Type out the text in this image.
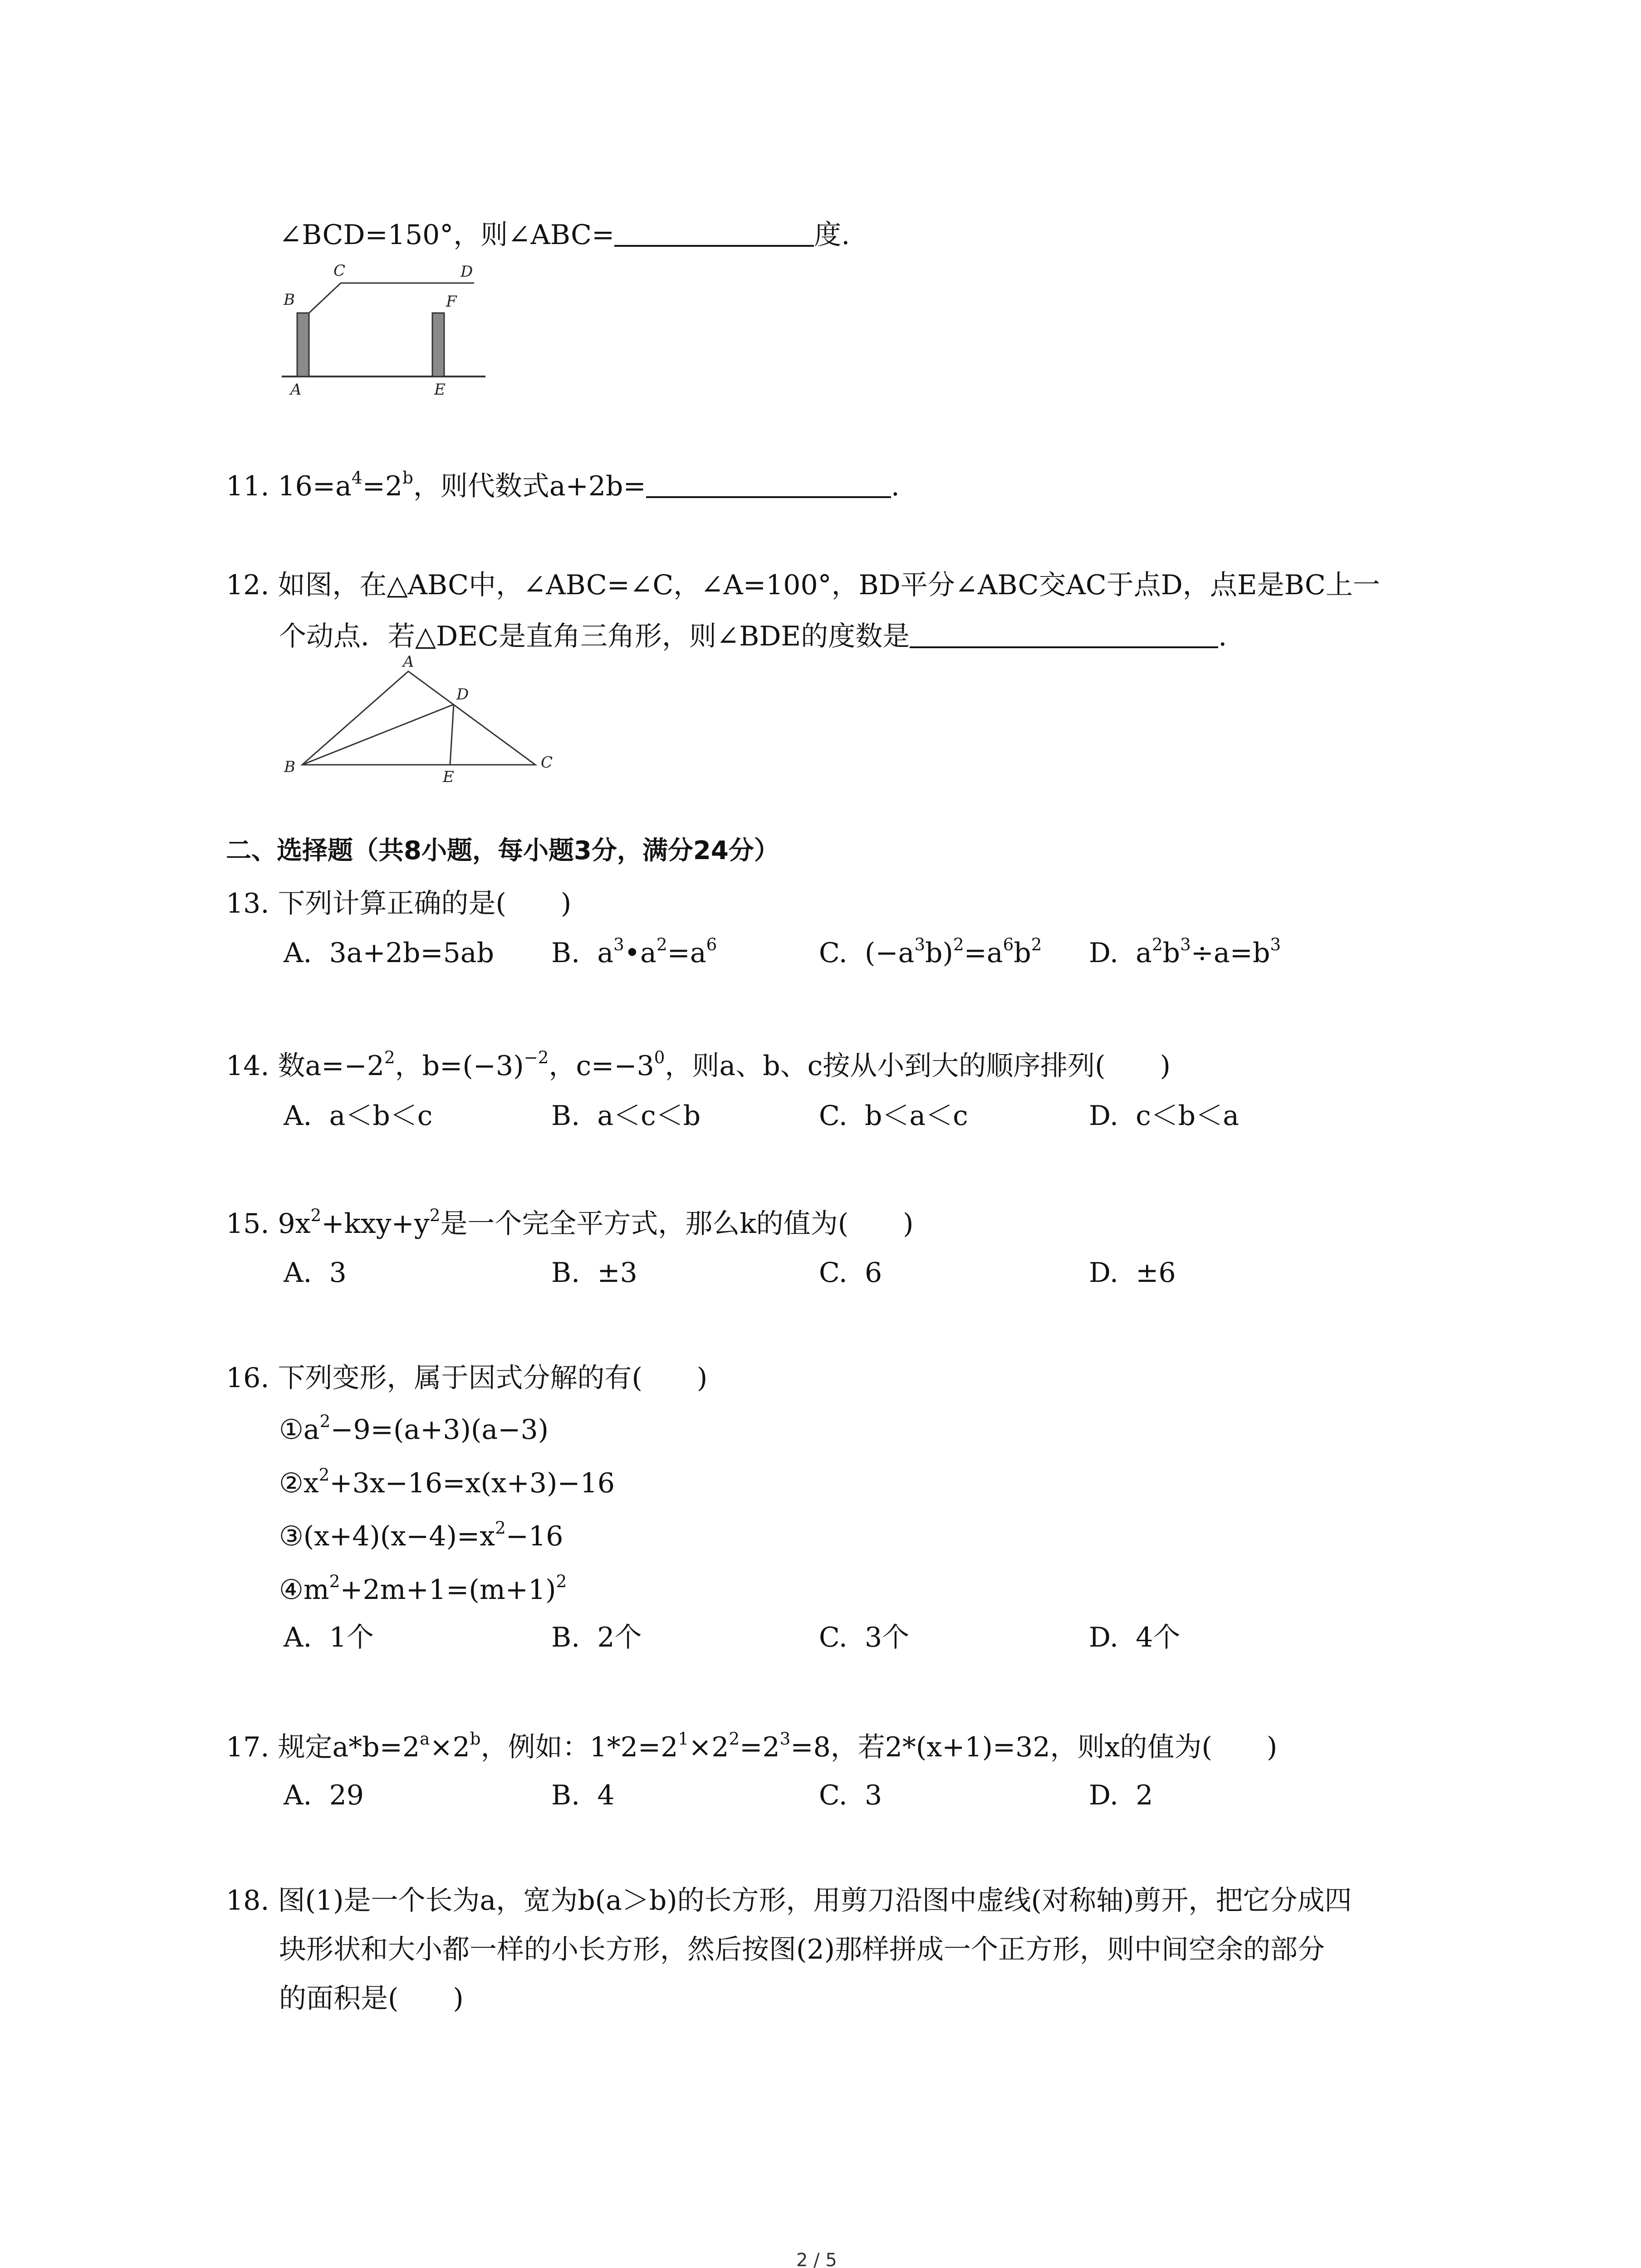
∠BCD=150°，则∠ABC=	度.
B
C	D
F
A	E
11. $16=a^4=2^b$，则代数式a+2b=	.
12. 如图，在△ABC中，∠ABC=∠C，∠A=100°，BD平分∠ABC交AC于点D，点E是BC上一
个动点．若△DEC是直角三角形，则∠BDE的度数是	.
A
D
B
E
C
二、选择题（共8小题，每小题3分，满分24分）
13. 下列计算正确的是( )
A. 3a+2b=5ab B. $a^3•a^2=a^6$	C. $(-a^3b)^2=a^6b^2$ D. $a^2b^3\div a=b^3$
14. 数$a=-2^2$，$b=(-3)^{-2}$，$c=-3^0$，则a、b、c按从小到大的顺序排列( )
A. a＜b＜c	B. a＜c＜b	C. b＜a＜c	D. c＜b＜a
15. $9x^2+kxy+y^2$是一个完全平方式，那么k的值为( )
A. 3	B. ±3	C. 6	D. ±6
16. 下列变形，属于因式分解的有( )
$①a^2-9=(a+3)(a-3)$
$②x^2+3x-16=x(x+3)-16$
$③(x+4)(x-4)=x^2-16$
$④m^2+2m+1=(m+1)^2$
A. 1个	B. 2个	C. 3个	D. 4个
17. 规定$a*b=2^a\times 2^b$，例如：$1*2=2^1\times 2^2=2^3=8$，若2*(x+1)=32，则x的值为( )
A. 29	B. 4	C. 3	D. 2
18. 图(1)是一个长为a，宽为b(a＞b)的长方形，用剪刀沿图中虚线(对称轴)剪开，把它分成四
块形状和大小都一样的小长方形，然后按图(2)那样拼成一个正方形，则中间空余的部分
的面积是( )
2 / 5
